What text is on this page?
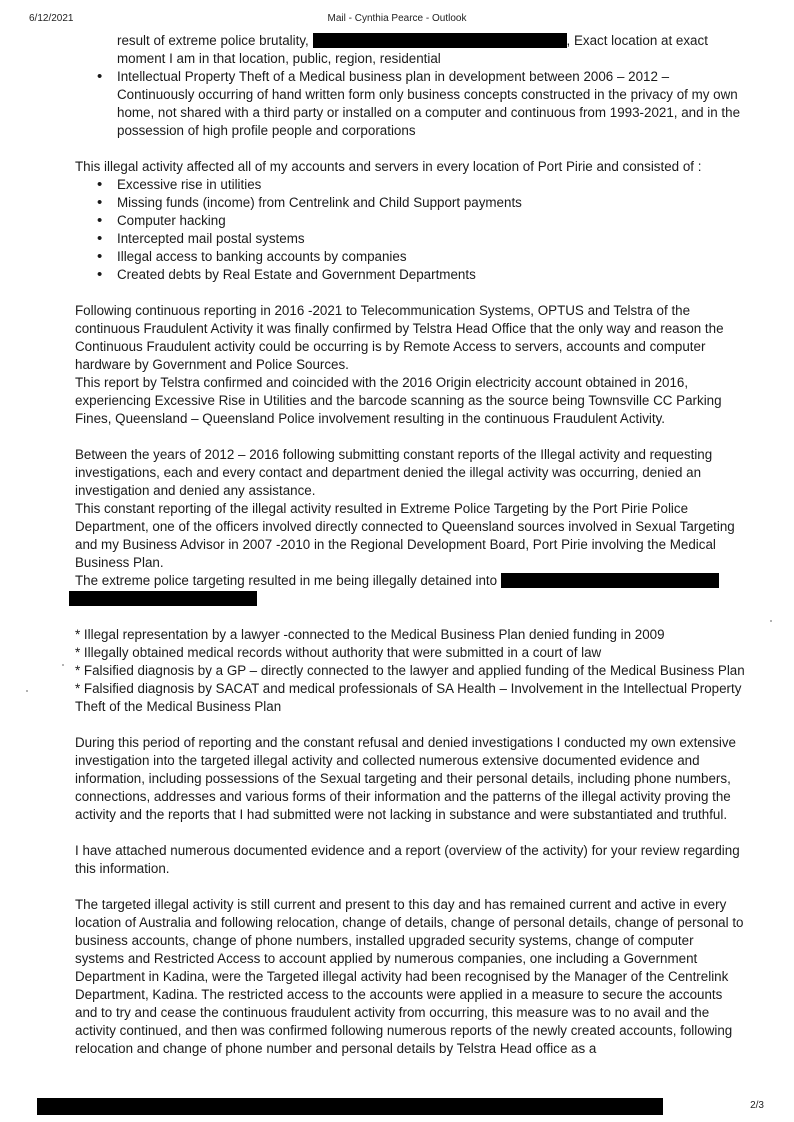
6/12/2021	Mail - Cynthia Pearce - Outlook

result of extreme police brutality,	, Exact location at exact

moment I am in that location, public, region, residential

• Intellectual Property Theft of a Medical business plan in development between 2006 – 2012 – Continuously occurring of hand written form only business concepts constructed in the privacy of my own home, not shared with a third party or installed on a computer and continuous from 1993-2021, and in the possession of high profile people and corporations

This illegal activity affected all of my accounts and servers in every location of Port Pirie and consisted of :

• Excessive rise in utilities
• Missing funds (income) from Centrelink and Child Support payments
• Computer hacking
• Intercepted mail postal systems
• Illegal access to banking accounts by companies
• Created debts by Real Estate and Government Departments

Following continuous reporting in 2016 -2021 to Telecommunication Systems, OPTUS and Telstra of the continuous Fraudulent Activity it was finally confirmed by Telstra Head Office that the only way and reason the Continuous Fraudulent activity could be occurring is by Remote Access to servers, accounts and computer hardware by Government and Police Sources.

This report by Telstra confirmed and coincided with the 2016 Origin electricity account obtained in 2016, experiencing Excessive Rise in Utilities and the barcode scanning as the source being Townsville CC Parking Fines, Queensland – Queensland Police involvement resulting in the continuous Fraudulent Activity.

Between the years of 2012 – 2016 following submitting constant reports of the Illegal activity and requesting investigations, each and every contact and department denied the illegal activity was occurring, denied an investigation and denied any assistance.

This constant reporting of the illegal activity resulted in Extreme Police Targeting by the Port Pirie Police Department, one of the officers involved directly connected to Queensland sources involved in Sexual Targeting and my Business Advisor in 2007 -2010 in the Regional Development Board, Port Pirie involving the Medical Business Plan.

The extreme police targeting resulted in me being illegally detained into

* Illegal representation by a lawyer -connected to the Medical Business Plan denied funding in 2009

* Illegally obtained medical records without authority that were submitted in a court of law

* Falsified diagnosis by a GP – directly connected to the lawyer and applied funding of the Medical Business Plan

* Falsified diagnosis by SACAT and medical professionals of SA Health – Involvement in the Intellectual Property Theft of the Medical Business Plan

During this period of reporting and the constant refusal and denied investigations I conducted my own extensive investigation into the targeted illegal activity and collected numerous extensive documented evidence and information, including possessions of the Sexual targeting and their personal details, including phone numbers, connections, addresses and various forms of their information and the patterns of the illegal activity proving the activity and the reports that I had submitted were not lacking in substance and were substantiated and truthful.

I have attached numerous documented evidence and a report (overview of the activity) for your review regarding this information.

The targeted illegal activity is still current and present to this day and has remained current and active in every location of Australia and following relocation, change of details, change of personal details, change of personal to business accounts, change of phone numbers, installed upgraded security systems, change of computer systems and Restricted Access to account applied by numerous companies, one including a Government Department in Kadina, were the Targeted illegal activity had been recognised by the Manager of the Centrelink Department, Kadina. The restricted access to the accounts were applied in a measure to secure the accounts and to try and cease the continuous fraudulent activity from occurring, this measure was to no avail and the activity continued, and then was confirmed following numerous reports of the newly created accounts, following relocation and change of phone number and personal details by Telstra Head office as a

2/3
